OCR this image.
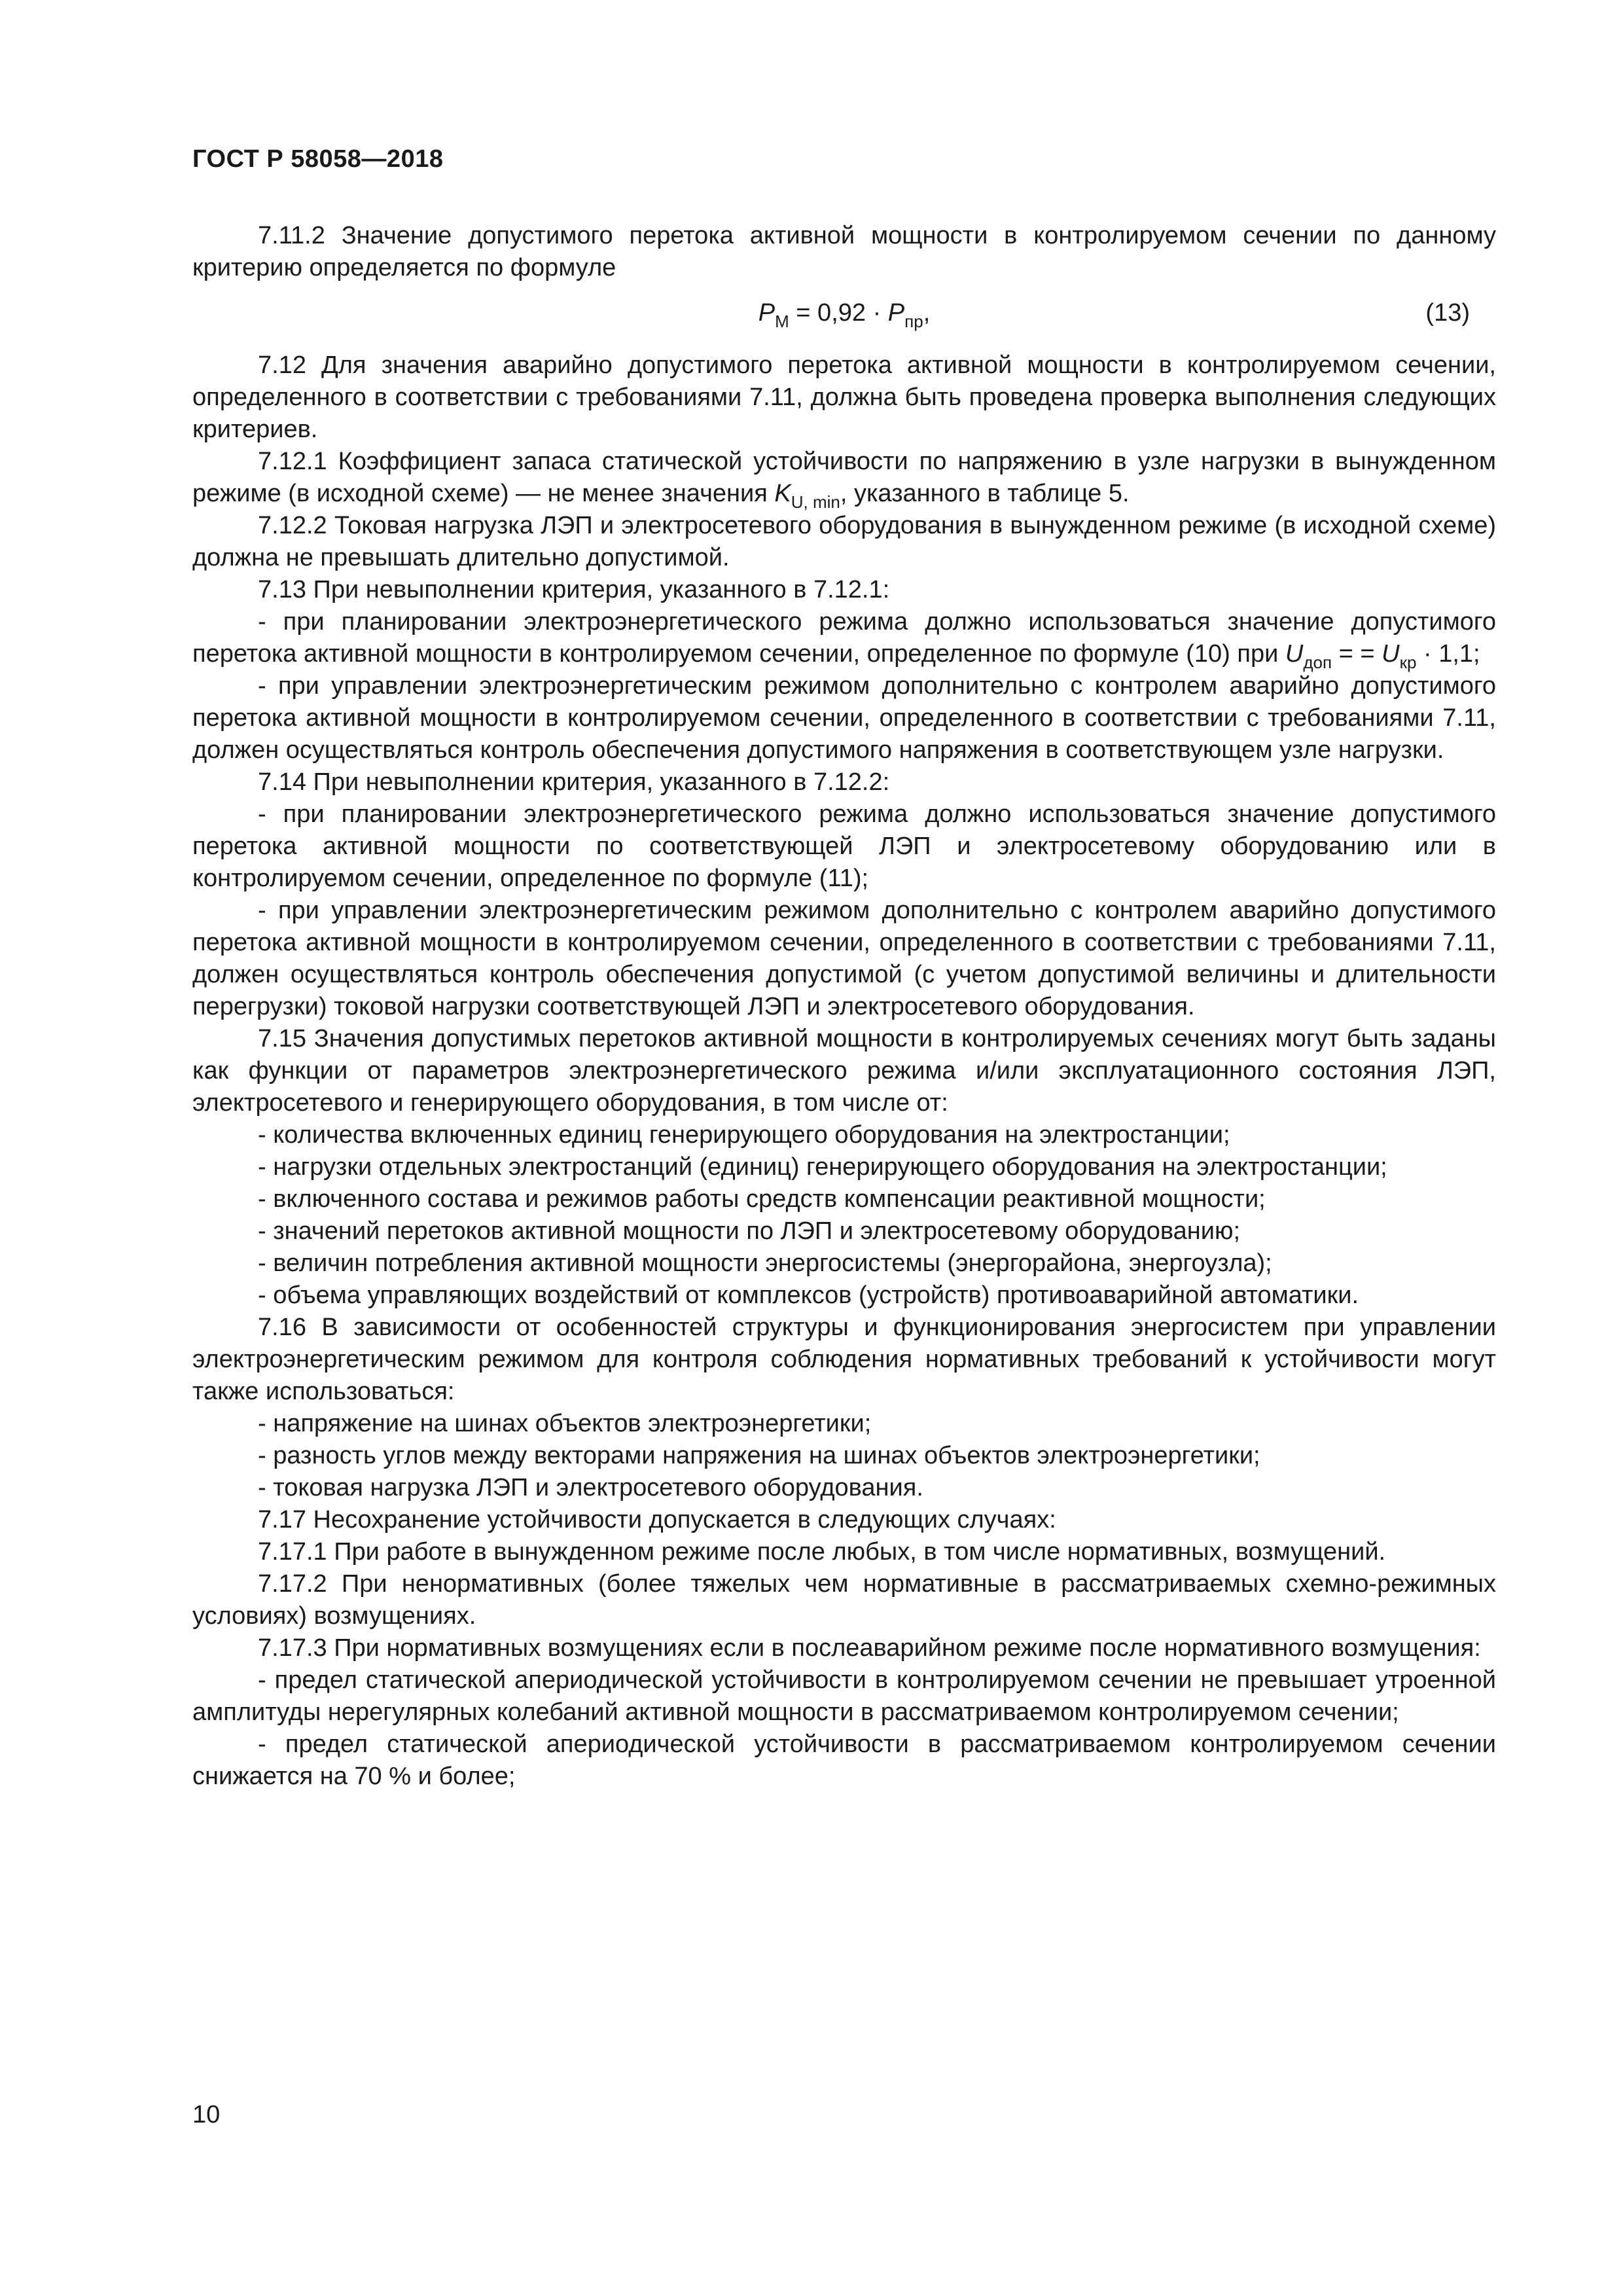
ГОСТ Р 58058—2018

7.11.2 Значение допустимого перетока активной мощности в контролируемом сечении по данному критерию определяется по формуле

$P_M = 0,92 \cdot P_{пр}$,	(13)

7.12 Для значения аварийно допустимого перетока активной мощности в контролируемом сечении, определенного в соответствии с требованиями 7.11, должна быть проведена проверка выполнения следующих критериев.

7.12.1 Коэффициент запаса статической устойчивости по напряжению в узле нагрузки в вынужденном режиме (в исходной схеме) — не менее значения $K_{U, min}$, указанного в таблице 5.

7.12.2 Токовая нагрузка ЛЭП и электросетевого оборудования в вынужденном режиме (в исходной схеме) должна не превышать длительно допустимой.

7.13 При невыполнении критерия, указанного в 7.12.1:

- при планировании электроэнергетического режима должно использоваться значение допустимого перетока активной мощности в контролируемом сечении, определенное по формуле (10) при $U_{доп}$ = = $U_{кр} \cdot 1,1$;

- при управлении электроэнергетическим режимом дополнительно с контролем аварийно допустимого перетока активной мощности в контролируемом сечении, определенного в соответствии с требованиями 7.11, должен осуществляться контроль обеспечения допустимого напряжения в соответствующем узле нагрузки.

7.14 При невыполнении критерия, указанного в 7.12.2:

- при планировании электроэнергетического режима должно использоваться значение допустимого перетока активной мощности по соответствующей ЛЭП и электросетевому оборудованию или в контролируемом сечении, определенное по формуле (11);

- при управлении электроэнергетическим режимом дополнительно с контролем аварийно допустимого перетока активной мощности в контролируемом сечении, определенного в соответствии с требованиями 7.11, должен осуществляться контроль обеспечения допустимой (с учетом допустимой величины и длительности перегрузки) токовой нагрузки соответствующей ЛЭП и электросетевого оборудования.

7.15 Значения допустимых перетоков активной мощности в контролируемых сечениях могут быть заданы как функции от параметров электроэнергетического режима и/или эксплуатационного состояния ЛЭП, электросетевого и генерирующего оборудования, в том числе от:

- количества включенных единиц генерирующего оборудования на электростанции;

- нагрузки отдельных электростанций (единиц) генерирующего оборудования на электростанции;

- включенного состава и режимов работы средств компенсации реактивной мощности;

- значений перетоков активной мощности по ЛЭП и электросетевому оборудованию;

- величин потребления активной мощности энергосистемы (энергорайона, энергоузла);

- объема управляющих воздействий от комплексов (устройств) противоаварийной автоматики.

7.16 В зависимости от особенностей структуры и функционирования энергосистем при управлении электроэнергетическим режимом для контроля соблюдения нормативных требований к устойчивости могут также использоваться:

- напряжение на шинах объектов электроэнергетики;

- разность углов между векторами напряжения на шинах объектов электроэнергетики;

- токовая нагрузка ЛЭП и электросетевого оборудования.

7.17 Несохранение устойчивости допускается в следующих случаях:

7.17.1 При работе в вынужденном режиме после любых, в том числе нормативных, возмущений.

7.17.2 При ненормативных (более тяжелых чем нормативные в рассматриваемых схемно-режимных условиях) возмущениях.

7.17.3 При нормативных возмущениях если в послеаварийном режиме после нормативного возмущения:

- предел статической апериодической устойчивости в контролируемом сечении не превышает утроенной амплитуды нерегулярных колебаний активной мощности в рассматриваемом контролируемом сечении;

- предел статической апериодической устойчивости в рассматриваемом контролируемом сечении снижается на 70 % и более;

10
